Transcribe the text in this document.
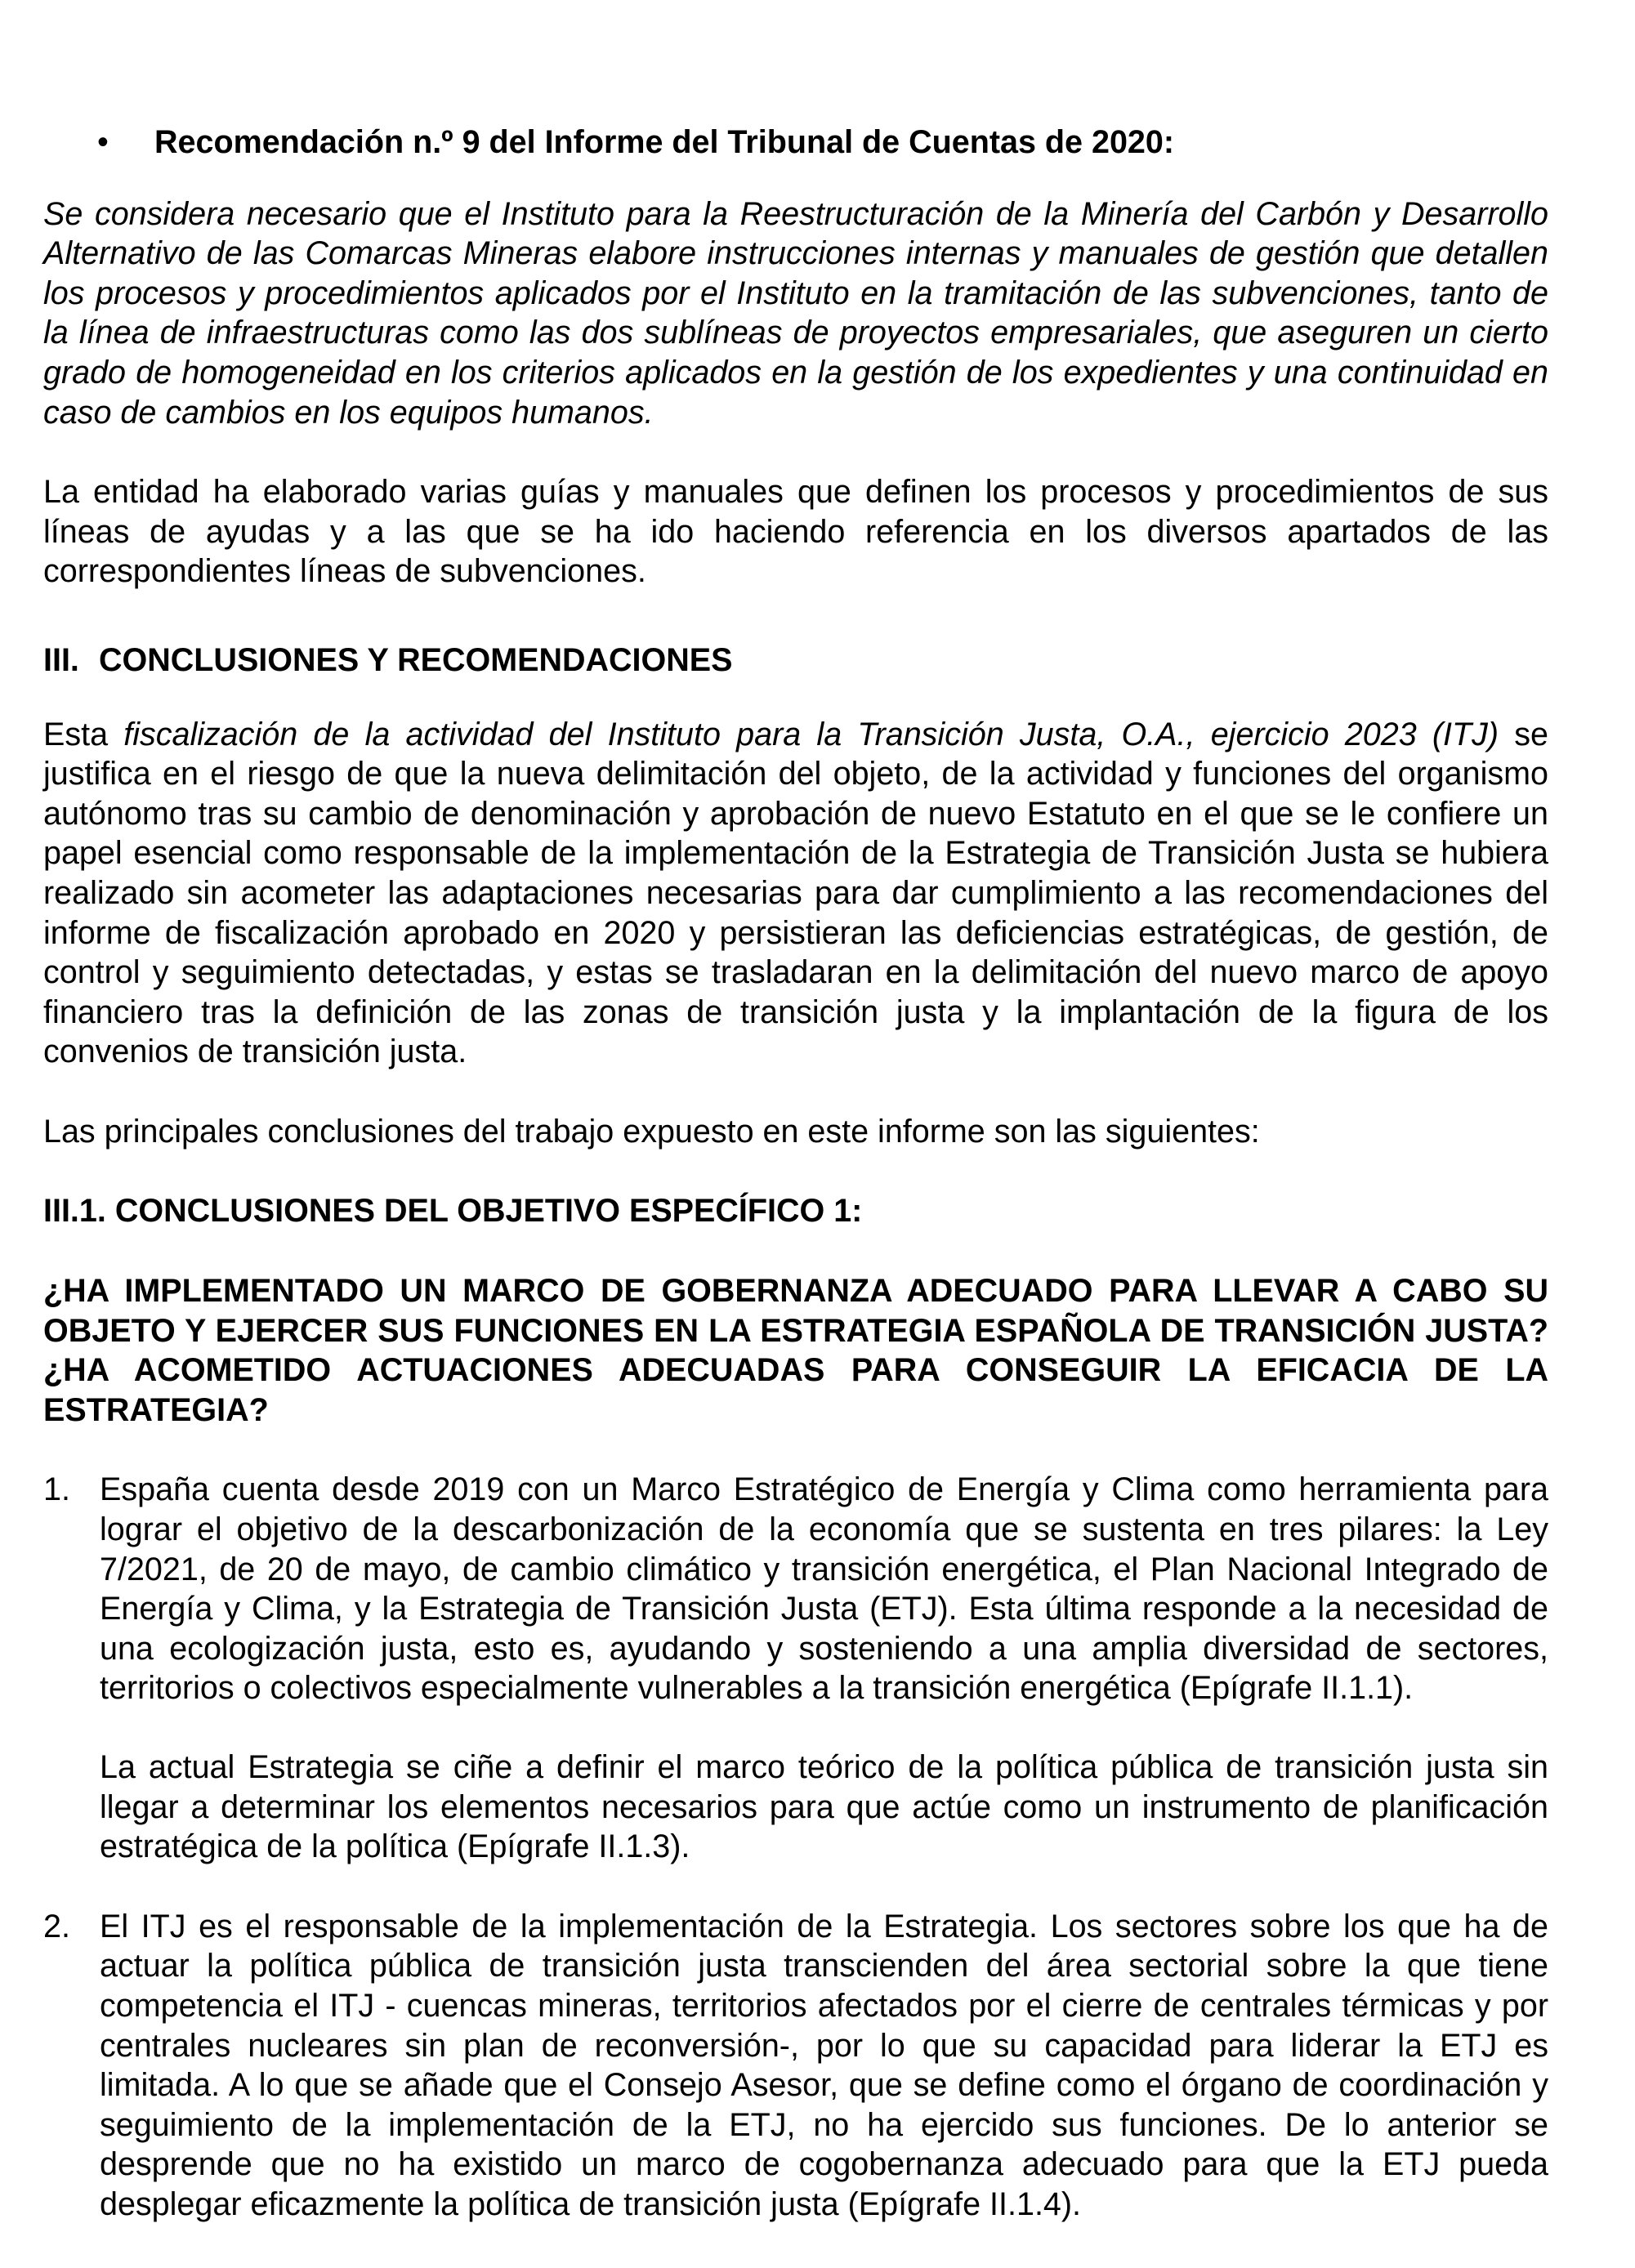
•	Recomendación n.º 9 del Informe del Tribunal de Cuentas de 2020:

Se considera necesario que el Instituto para la Reestructuración de la Minería del Carbón y Desarrollo Alternativo de las Comarcas Mineras elabore instrucciones internas y manuales de gestión que detallen los procesos y procedimientos aplicados por el Instituto en la tramitación de las subvenciones, tanto de la línea de infraestructuras como las dos sublíneas de proyectos empresariales, que aseguren un cierto grado de homogeneidad en los criterios aplicados en la gestión de los expedientes y una continuidad en caso de cambios en los equipos humanos.

La entidad ha elaborado varias guías y manuales que definen los procesos y procedimientos de sus líneas de ayudas y a las que se ha ido haciendo referencia en los diversos apartados de las correspondientes líneas de subvenciones.

III. CONCLUSIONES Y RECOMENDACIONES

Esta fiscalización de la actividad del Instituto para la Transición Justa, O.A., ejercicio 2023 (ITJ) se justifica en el riesgo de que la nueva delimitación del objeto, de la actividad y funciones del organismo autónomo tras su cambio de denominación y aprobación de nuevo Estatuto en el que se le confiere un papel esencial como responsable de la implementación de la Estrategia de Transición Justa se hubiera realizado sin acometer las adaptaciones necesarias para dar cumplimiento a las recomendaciones del informe de fiscalización aprobado en 2020 y persistieran las deficiencias estratégicas, de gestión, de control y seguimiento detectadas, y estas se trasladaran en la delimitación del nuevo marco de apoyo financiero tras la definición de las zonas de transición justa y la implantación de la figura de los convenios de transición justa.

Las principales conclusiones del trabajo expuesto en este informe son las siguientes:

III.1. CONCLUSIONES DEL OBJETIVO ESPECÍFICO 1:

¿HA IMPLEMENTADO UN MARCO DE GOBERNANZA ADECUADO PARA LLEVAR A CABO SU OBJETO Y EJERCER SUS FUNCIONES EN LA ESTRATEGIA ESPAÑOLA DE TRANSICIÓN JUSTA? ¿HA ACOMETIDO ACTUACIONES ADECUADAS PARA CONSEGUIR LA EFICACIA DE LA ESTRATEGIA?

1. España cuenta desde 2019 con un Marco Estratégico de Energía y Clima como herramienta para lograr el objetivo de la descarbonización de la economía que se sustenta en tres pilares: la Ley 7/2021, de 20 de mayo, de cambio climático y transición energética, el Plan Nacional Integrado de Energía y Clima, y la Estrategia de Transición Justa (ETJ). Esta última responde a la necesidad de una ecologización justa, esto es, ayudando y sosteniendo a una amplia diversidad de sectores, territorios o colectivos especialmente vulnerables a la transición energética (Epígrafe II.1.1).

La actual Estrategia se ciñe a definir el marco teórico de la política pública de transición justa sin llegar a determinar los elementos necesarios para que actúe como un instrumento de planificación estratégica de la política (Epígrafe II.1.3).

2. El ITJ es el responsable de la implementación de la Estrategia. Los sectores sobre los que ha de actuar la política pública de transición justa transcienden del área sectorial sobre la que tiene competencia el ITJ - cuencas mineras, territorios afectados por el cierre de centrales térmicas y por centrales nucleares sin plan de reconversión-, por lo que su capacidad para liderar la ETJ es limitada. A lo que se añade que el Consejo Asesor, que se define como el órgano de coordinación y seguimiento de la implementación de la ETJ, no ha ejercido sus funciones. De lo anterior se desprende que no ha existido un marco de cogobernanza adecuado para que la ETJ pueda desplegar eficazmente la política de transición justa (Epígrafe II.1.4).
